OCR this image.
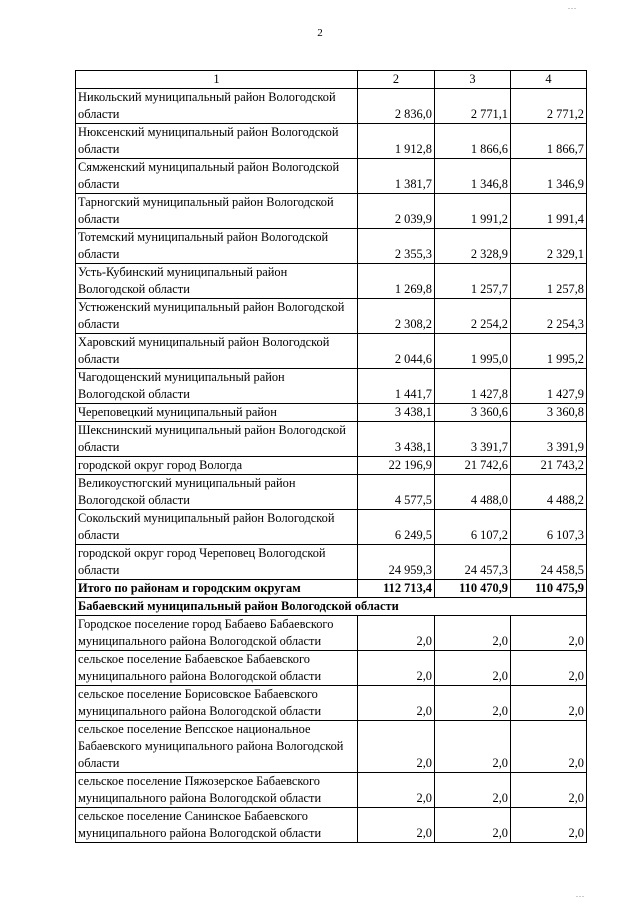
...
2
1	2	3	4
Никольский муниципальный район Вологодской области	2 836,0	2 771,1	2 771,2
Нюксенский муниципальный район Вологодской области	1 912,8	1 866,6	1 866,7
Сямженский муниципальный район Вологодской области	1 381,7	1 346,8	1 346,9
Тарногский муниципальный район Вологодской области	2 039,9	1 991,2	1 991,4
Тотемский муниципальный район Вологодской области	2 355,3	2 328,9	2 329,1
Усть-Кубинский муниципальный район Вологодской области	1 269,8	1 257,7	1 257,8
Устюженский муниципальный район Вологодской области	2 308,2	2 254,2	2 254,3
Харовский муниципальный район Вологодской области	2 044,6	1 995,0	1 995,2
Чагодощенский муниципальный район Вологодской области	1 441,7	1 427,8	1 427,9
Череповецкий муниципальный район	3 438,1	3 360,6	3 360,8
Шекснинский муниципальный район Вологодской области	3 438,1	3 391,7	3 391,9
городской округ город Вологда	22 196,9	21 742,6	21 743,2
Великоустюгский муниципальный район Вологодской области	4 577,5	4 488,0	4 488,2
Сокольский муниципальный район Вологодской области	6 249,5	6 107,2	6 107,3
городской округ город Череповец Вологодской области	24 959,3	24 457,3	24 458,5
Итого по районам и городским округам	112 713,4	110 470,9	110 475,9
Бабаевский муниципальный район Вологодской области			
Городское поселение город Бабаево Бабаевского муниципального района Вологодской области	2,0	2,0	2,0
сельское поселение Бабаевское Бабаевского муниципального района Вологодской области	2,0	2,0	2,0
сельское поселение Борисовское Бабаевского муниципального района Вологодской области	2,0	2,0	2,0
сельское поселение Вепсское национальное Бабаевского муниципального района Вологодской области	2,0	2,0	2,0
сельское поселение Пяжозерское Бабаевского муниципального района Вологодской области	2,0	2,0	2,0
сельское поселение Санинское Бабаевского муниципального района Вологодской области	2,0	2,0	2,0
...
